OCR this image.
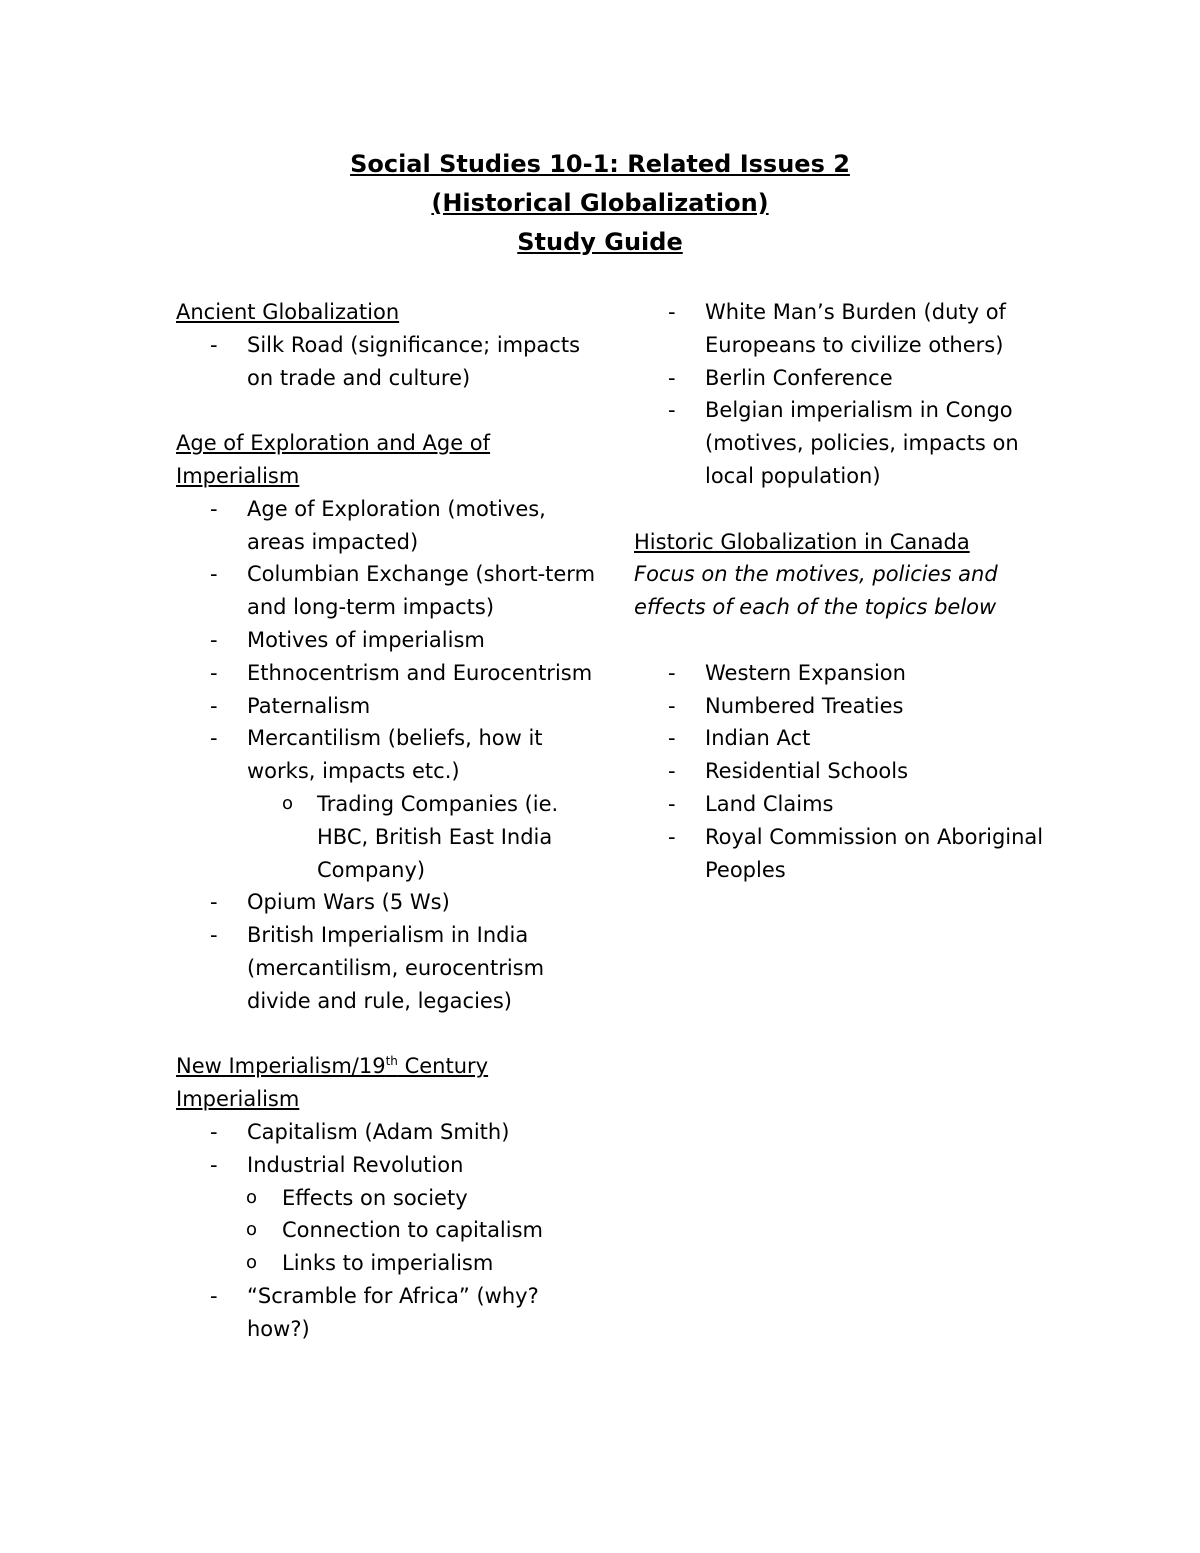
Social Studies 10-1: Related Issues 2
(Historical Globalization)
Study Guide
Ancient Globalization
- Silk Road (significance; impacts on trade and culture)
Age of Exploration and Age of Imperialism
- Age of Exploration (motives, areas impacted)
- Columbian Exchange (short-term and long-term impacts)
- Motives of imperialism
- Ethnocentrism and Eurocentrism
- Paternalism
- Mercantilism (beliefs, how it works, impacts etc.)
o Trading Companies (ie. HBC, British East India Company)
- Opium Wars (5 Ws)
- British Imperialism in India (mercantilism, eurocentrism divide and rule, legacies)
New Imperialism/19th Century Imperialism
- Capitalism (Adam Smith)
- Industrial Revolution
o Effects on society
o Connection to capitalism
o Links to imperialism
- “Scramble for Africa” (why? how?)
- White Man’s Burden (duty of Europeans to civilize others)
- Berlin Conference
- Belgian imperialism in Congo (motives, policies, impacts on local population)
Historic Globalization in Canada
Focus on the motives, policies and effects of each of the topics below
- Western Expansion
- Numbered Treaties
- Indian Act
- Residential Schools
- Land Claims
- Royal Commission on Aboriginal Peoples
